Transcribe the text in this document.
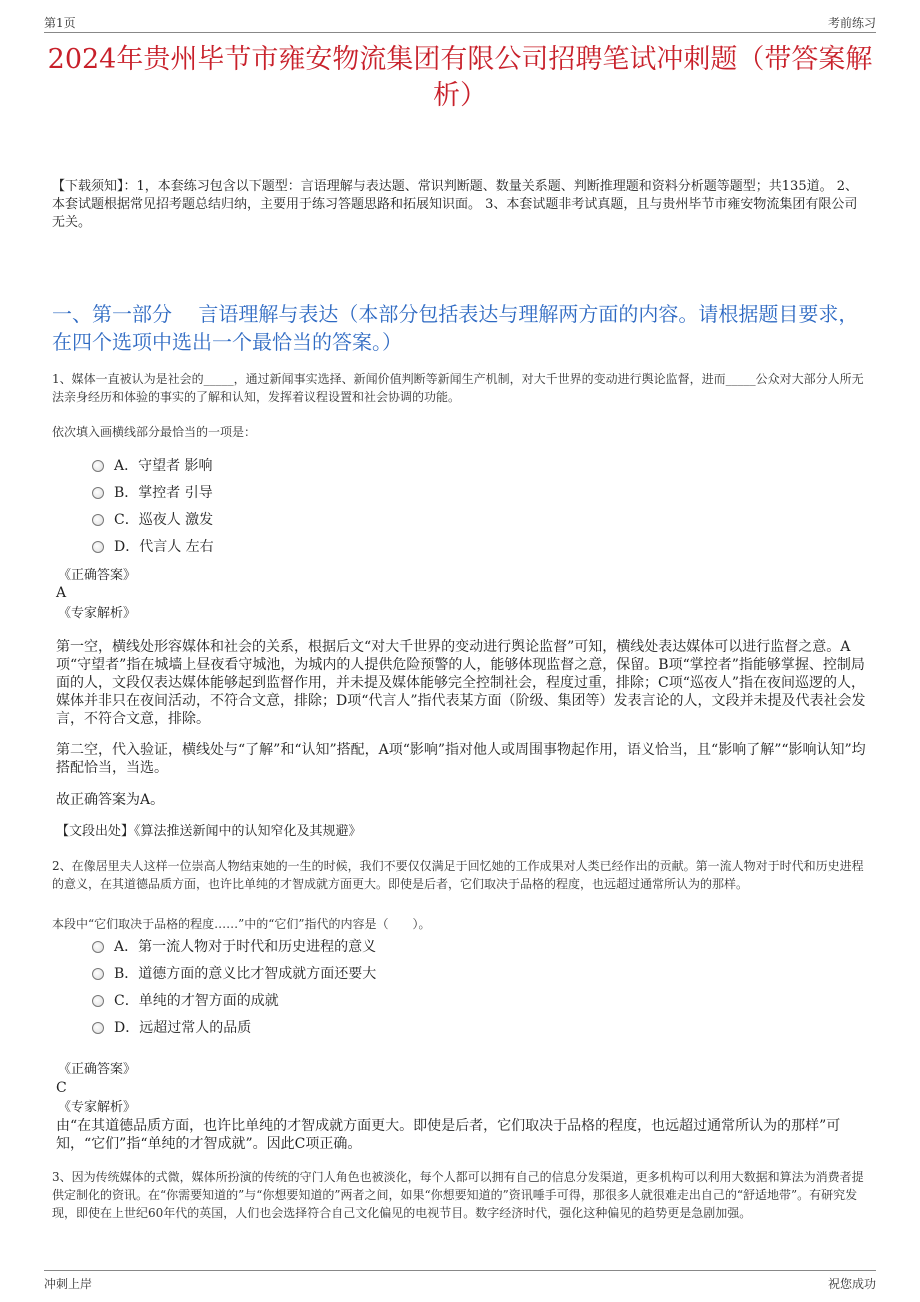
第1页	考前练习
2024年贵州毕节市雍安物流集团有限公司招聘笔试冲刺题（带答案解析）
【下载须知】：1，本套练习包含以下题型：言语理解与表达题、常识判断题、数量关系题、判断推理题和资料分析题等题型；共135道。 2、本套试题根据常见招考题总结归纳，主要用于练习答题思路和拓展知识面。 3、本套试题非考试真题，且与贵州毕节市雍安物流集团有限公司无关。
一、第一部分　 言语理解与表达（本部分包括表达与理解两方面的内容。请根据题目要求，在四个选项中选出一个最恰当的答案。）
1、媒体一直被认为是社会的_____，通过新闻事实选择、新闻价值判断等新闻生产机制，对大千世界的变动进行舆论监督，进而_____公众对大部分人所无法亲身经历和体验的事实的了解和认知，发挥着议程设置和社会协调的功能。
依次填入画横线部分最恰当的一项是：
A．守望者 影响
B．掌控者 引导
C．巡夜人 激发
D．代言人 左右
《正确答案》
A
《专家解析》
第一空，横线处形容媒体和社会的关系，根据后文“对大千世界的变动进行舆论监督”可知，横线处表达媒体可以进行监督之意。A项“守望者”指在城墙上昼夜看守城池，为城内的人提供危险预警的人，能够体现监督之意，保留。B项“掌控者”指能够掌握、控制局面的人，文段仅表达媒体能够起到监督作用，并未提及媒体能够完全控制社会，程度过重，排除；C项“巡夜人”指在夜间巡逻的人，媒体并非只在夜间活动，不符合文意，排除；D项“代言人”指代表某方面（阶级、集团等）发表言论的人，文段并未提及代表社会发言，不符合文意，排除。
第二空，代入验证，横线处与“了解”和“认知”搭配，A项“影响”指对他人或周围事物起作用，语义恰当，且“影响了解”“影响认知”均搭配恰当，当选。
故正确答案为A。
【文段出处】《算法推送新闻中的认知窄化及其规避》
2、在像居里夫人这样一位崇高人物结束她的一生的时候，我们不要仅仅满足于回忆她的工作成果对人类已经作出的贡献。第一流人物对于时代和历史进程的意义，在其道德品质方面，也许比单纯的才智成就方面更大。即使是后者，它们取决于品格的程度，也远超过通常所认为的那样。
本段中“它们取决于品格的程度……”中的“它们”指代的内容是（　　）。
A．第一流人物对于时代和历史进程的意义
B．道德方面的意义比才智成就方面还要大
C．单纯的才智方面的成就
D．远超过常人的品质
《正确答案》
C
《专家解析》
由“在其道德品质方面，也许比单纯的才智成就方面更大。即使是后者，它们取决于品格的程度，也远超过通常所认为的那样”可知，“它们”指“单纯的才智成就”。因此C项正确。
3、因为传统媒体的式微，媒体所扮演的传统的守门人角色也被淡化，每个人都可以拥有自己的信息分发渠道，更多机构可以利用大数据和算法为消费者提供定制化的资讯。在“你需要知道的”与“你想要知道的”两者之间，如果“你想要知道的”资讯唾手可得，那很多人就很难走出自己的“舒适地带”。有研究发现，即使在上世纪60年代的英国，人们也会选择符合自己文化偏见的电视节目。数字经济时代，强化这种偏见的趋势更是急剧加强。
冲刺上岸	祝您成功
